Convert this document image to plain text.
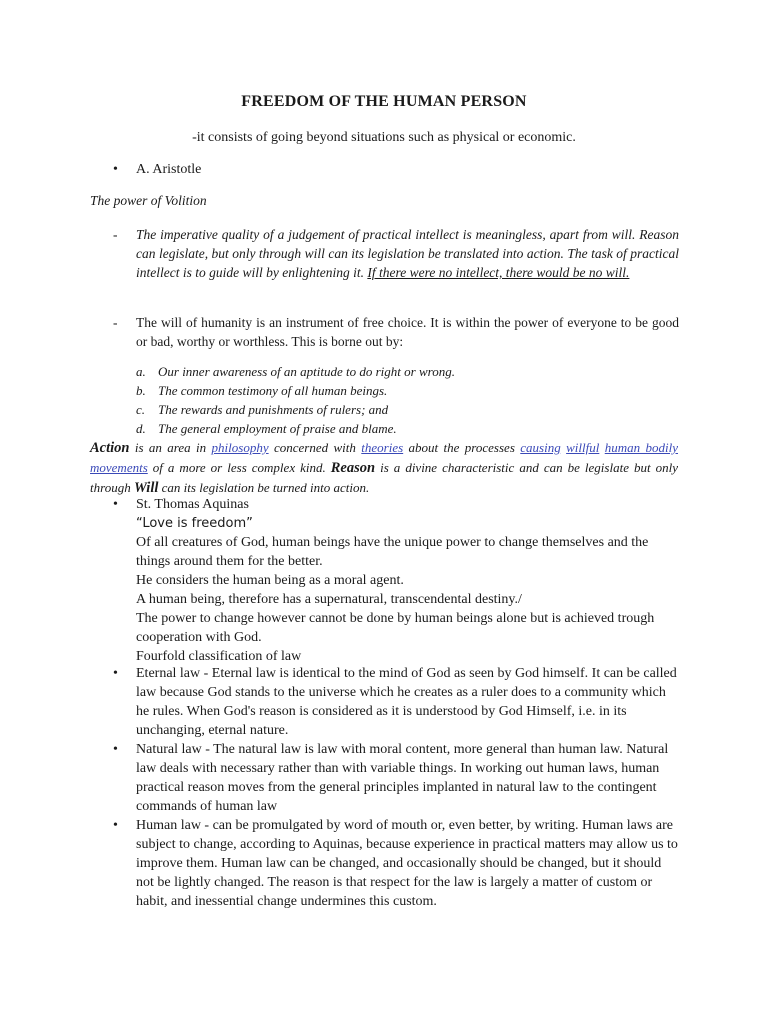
FREEDOM OF THE HUMAN PERSON
-it consists of going beyond situations such as physical or economic.
• A. Aristotle
The power of Volition
- The imperative quality of a judgement of practical intellect is meaningless, apart from will. Reason can legislate, but only through will can its legislation be translated into action. The task of practical intellect is to guide will by enlightening it. If there were no intellect, there would be no will.
- The will of humanity is an instrument of free choice. It is within the power of everyone to be good or bad, worthy or worthless. This is borne out by:
a. Our inner awareness of an aptitude to do right or wrong.
b. The common testimony of all human beings.
c. The rewards and punishments of rulers; and
d. The general employment of praise and blame.
Action is an area in philosophy concerned with theories about the processes causing willful human bodily movements of a more or less complex kind. Reason is a divine characteristic and can be legislate but only through Will can its legislation be turned into action.
•	St. Thomas Aquinas
“Love is freedom”
Of all creatures of God, human beings have the unique power to change themselves and the things around them for the better.
He considers the human being as a moral agent.
A human being, therefore has a supernatural, transcendental destiny./
The power to change however cannot be done by human beings alone but is achieved trough cooperation with God.
Fourfold classification of law
•	Eternal law - Eternal law is identical to the mind of God as seen by God himself. It can be called law because God stands to the universe which he creates as a ruler does to a community which he rules. When God's reason is considered as it is understood by God Himself, i.e. in its unchanging, eternal nature.
•	Natural law - The natural law is law with moral content, more general than human law. Natural law deals with necessary rather than with variable things. In working out human laws, human practical reason moves from the general principles implanted in natural law to the contingent commands of human law
•	Human law - can be promulgated by word of mouth or, even better, by writing. Human laws are subject to change, according to Aquinas, because experience in practical matters may allow us to improve them. Human law can be changed, and occasionally should be changed, but it should not be lightly changed. The reason is that respect for the law is largely a matter of custom or habit, and inessential change undermines this custom.
